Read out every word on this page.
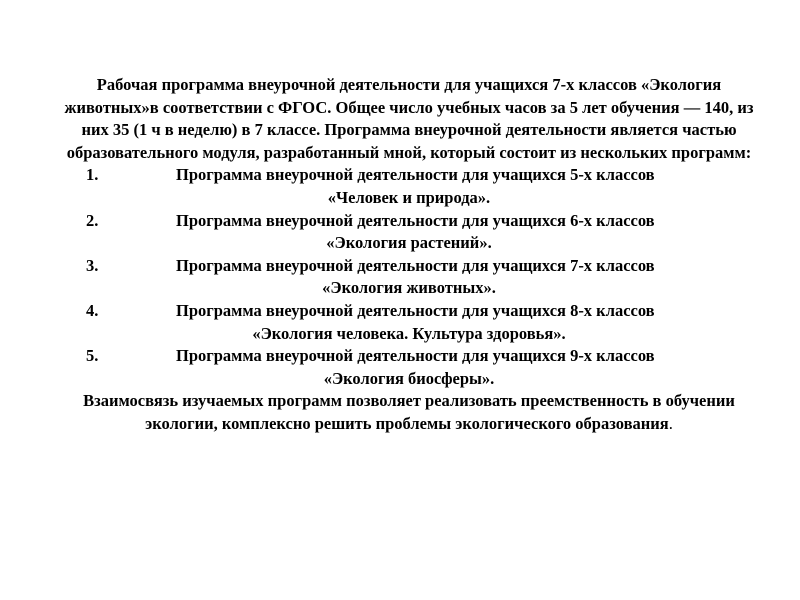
Рабочая программа внеурочной деятельности для учащихся 7-х классов «Экология животных»в соответствии с ФГОС. Общее число учебных часов за 5 лет обучения — 140, из них 35 (1 ч в неделю) в 7 классе. Программа внеурочной деятельности является частью образовательного модуля, разработанный мной, который состоит из нескольких программ:

1.	Программа внеурочной деятельности для учащихся 5-х классов

«Человек и природа».

2.	Программа внеурочной деятельности для учащихся 6-х классов

«Экология растений».

3.	Программа внеурочной деятельности для учащихся 7-х классов

«Экология животных».

4.	Программа внеурочной деятельности для учащихся 8-х классов

«Экология человека. Культура здоровья».

5.	Программа внеурочной деятельности для учащихся 9-х классов

«Экология биосферы».

Взаимосвязь изучаемых программ позволяет реализовать преемственность в обучении экологии, комплексно решить проблемы экологического образования.
